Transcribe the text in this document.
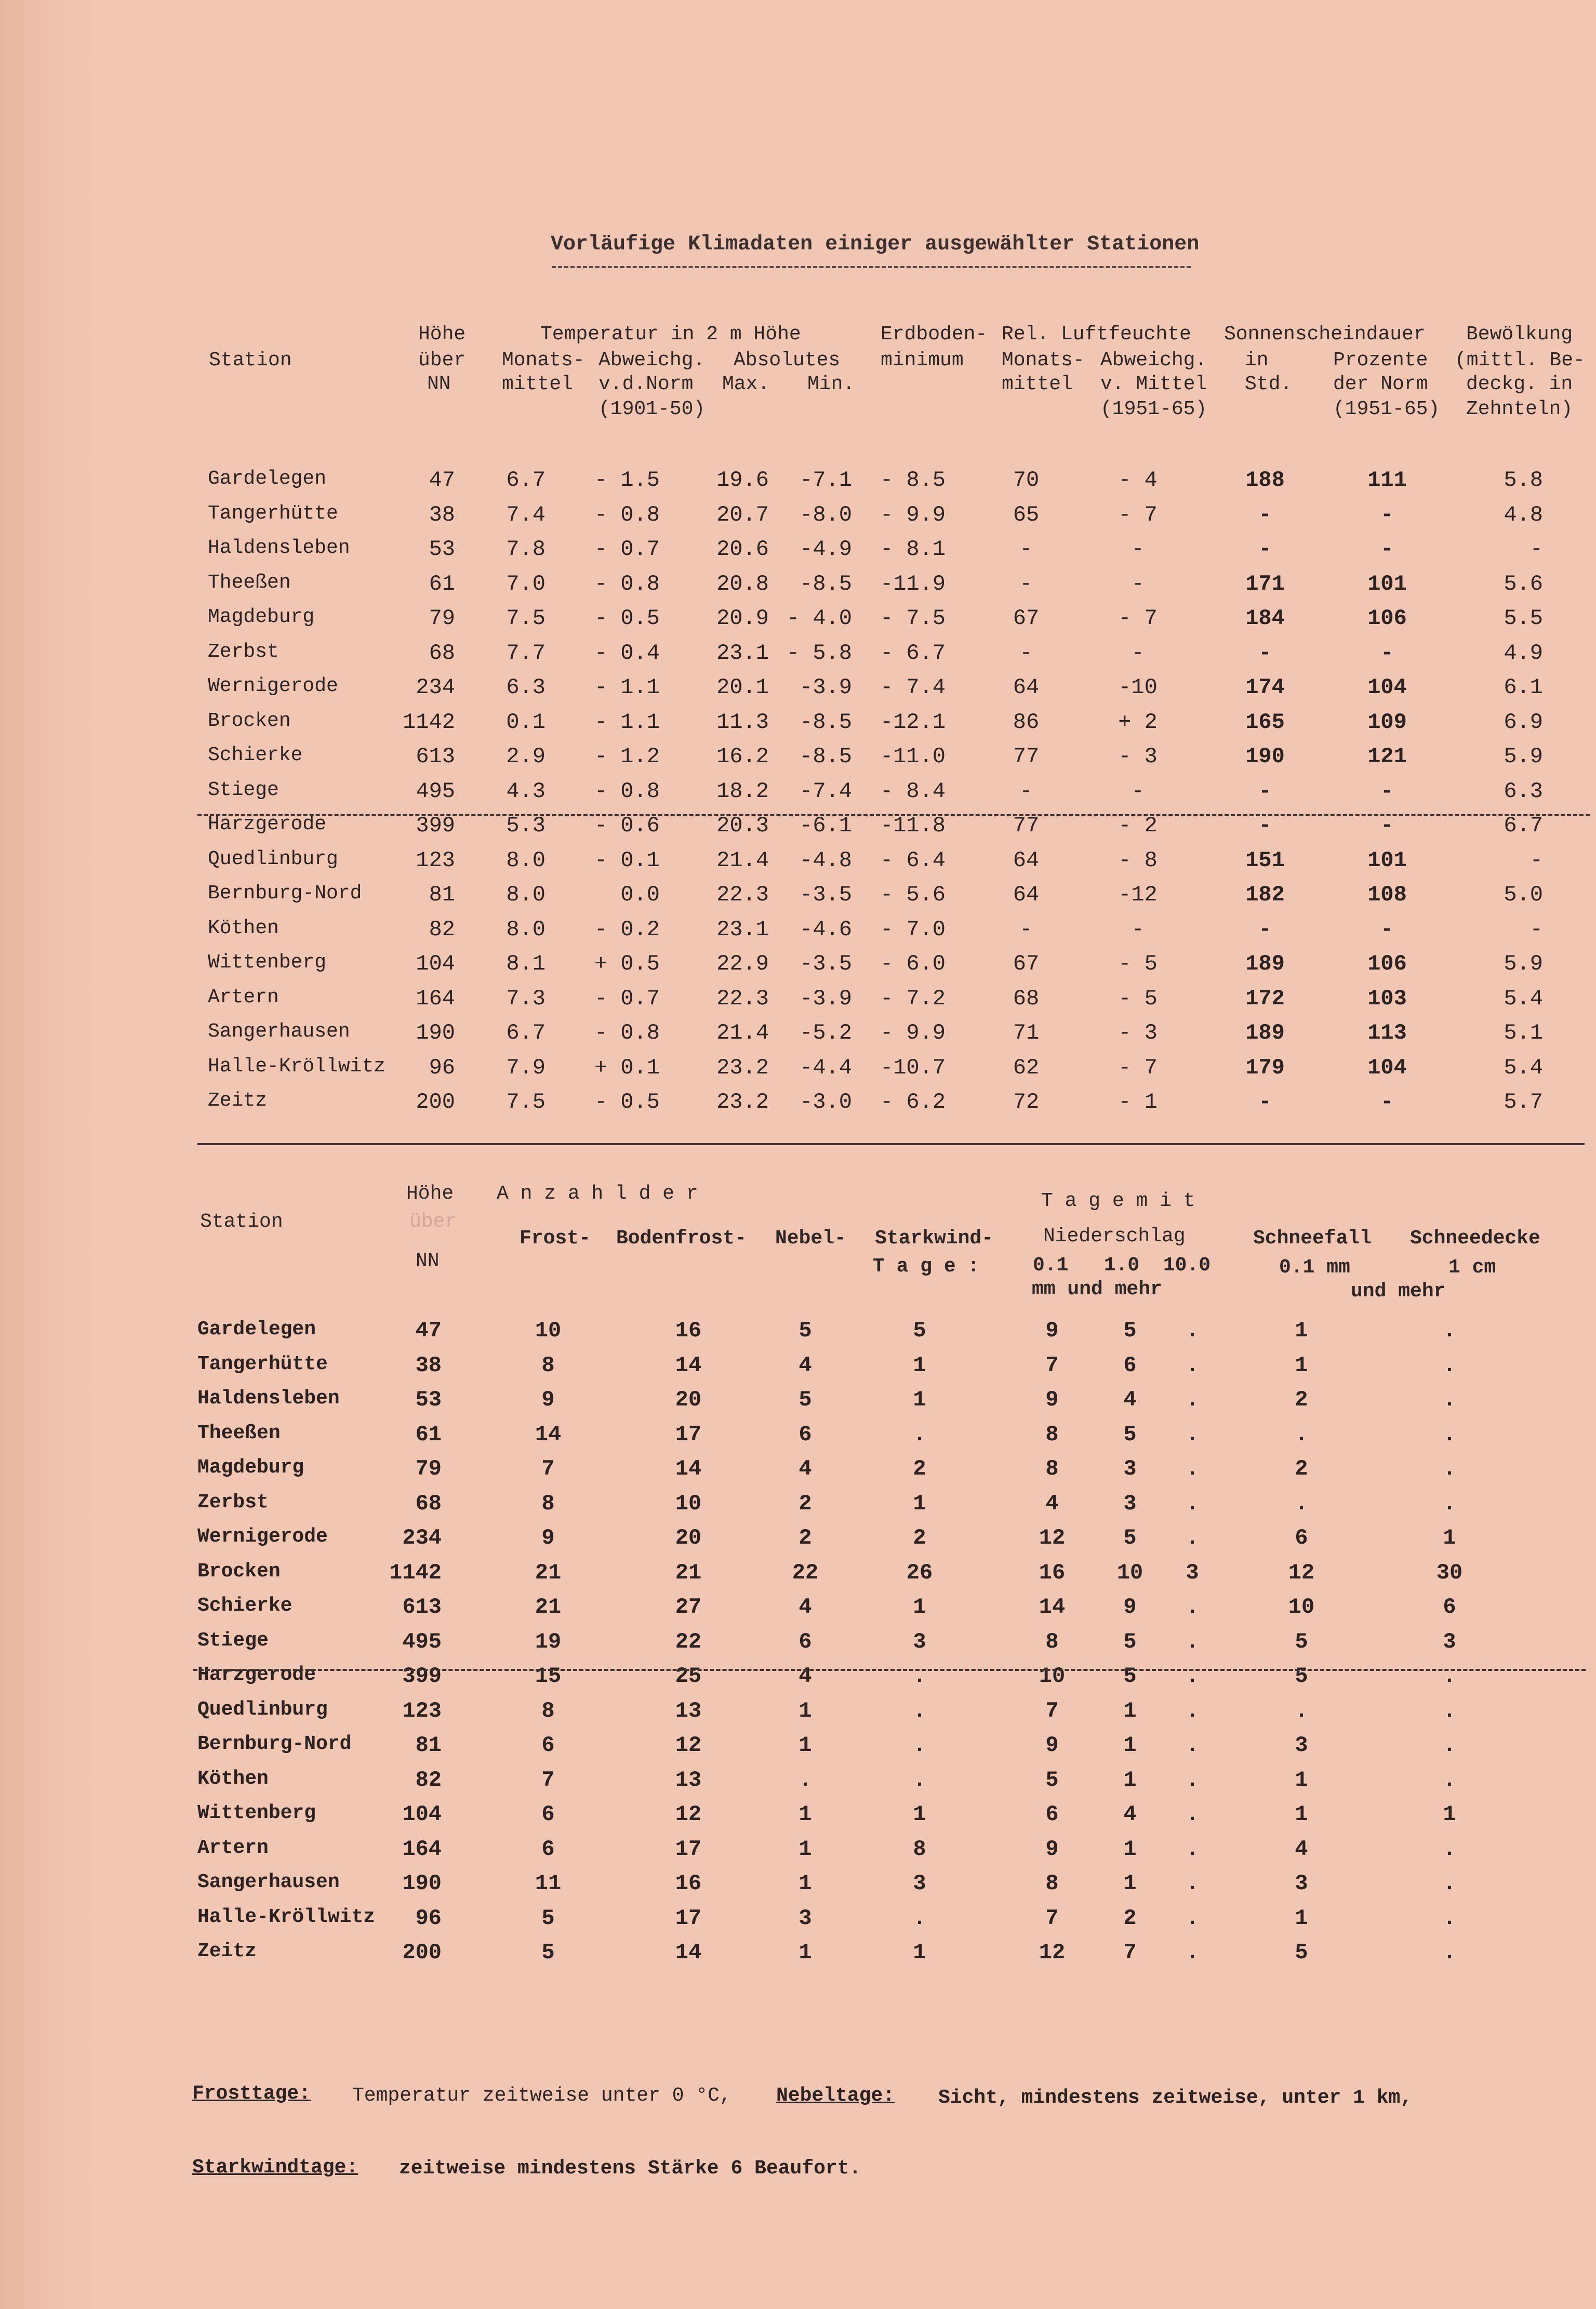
Vorläufige Klimadaten einiger ausgewählter Stationen
Station
Höhe
über
NN
Temperatur in 2 m Höhe
Monats-
mittel
Abweichg.
v.d.Norm
(1901-50)
Absolutes
Max. Min.
Erdboden-
minimum
Rel. Luftfeuchte
Monats-
mittel
Abweichg.
v. Mittel
(1951-65)
Sonnenscheindauer
in
Std.
Prozente
der Norm
(1951-65)
Bewölkung
(mittl. Be-
deckg. in
Zehnteln)
Gardelegen	47	6.7	- 1.5	19.6	-7.1	- 8.5	70	- 4	188	111	5.8
Tangerhütte	38	7.4	- 0.8	20.7	-8.0	- 9.9	65	- 7	-	-	4.8
Haldensleben	53	7.8	- 0.7	20.6	-4.9	- 8.1	-	-	-	-	-
Theeßen	61	7.0	- 0.8	20.8	-8.5	-11.9	-	-	171	101	5.6
Magdeburg	79	7.5	- 0.5	20.9 - 4.0	- 7.5	67	- 7	184	106	5.5
Zerbst	68	7.7	- 0.4	23.1 - 5.8	- 6.7	-	-	-	-	4.9
Wernigerode	234	6.3	- 1.1	20.1	-3.9	- 7.4	64	-10	174	104	6.1
Brocken	1142	0.1	- 1.1	11.3	-8.5	-12.1	86	+ 2	165	109	6.9
Schierke	613	2.9	- 1.2	16.2	-8.5	-11.0	77	- 3	190	121	5.9
Stiege	495	4.3	- 0.8	18.2	-7.4	- 8.4	-	-	-	-	6.3
Harzgerode	399	5.3	- 0.6	20.3	-6.1	-11.8	77	- 2	-	-	6.7
Quedlinburg	123	8.0	- 0.1	21.4	-4.8	- 6.4	64	- 8	151	101	-
Bernburg-Nord	81	8.0	0.0	22.3	-3.5	- 5.6	64	-12	182	108	5.0
Köthen	82	8.0	- 0.2	23.1	-4.6	- 7.0	-	-	-	-	-
Wittenberg	104	8.1	+ 0.5	22.9	-3.5	- 6.0	67	- 5	189	106	5.9
Artern	164	7.3	- 0.7	22.3	-3.9	- 7.2	68	- 5	172	103	5.4
Sangerhausen	190	6.7	- 0.8	21.4	-5.2	- 9.9	71	- 3	189	113	5.1
Halle-Kröllwitz	96	7.9	+ 0.1	23.2	-4.4	-10.7	62	- 7	179	104	5.4
Zeitz	200	7.5	- 0.5	23.2	-3.0	- 6.2	72	- 1	-	-	5.7
Station
Höhe
über
NN
A n z a h l d e r	T a g e m i t
Frost- Bodenfrost- Nebel- Starkwind-
T a g e :
Niederschlag
0.1   1.0  10.0
mm und mehr
Schneefall
0.1 mm
Schneedecke
1 cm
und mehr
Gardelegen	47	10	16	5	5	9	5	.	1	.
Tangerhütte	38	8	14	4	1	7	6	.	1	.
Haldensleben	53	9	20	5	1	9	4	.	2	.
Theeßen	61	14	17	6	.	8	5	.	.	.
Magdeburg	79	7	14	4	2	8	3	.	2	.
Zerbst	68	8	10	2	1	4	3	.	.	.
Wernigerode	234	9	20	2	2	12	5	.	6	1
Brocken	1142	21	21	22	26	16	10	3	12	30
Schierke	613	21	27	4	1	14	9	.	10	6
Stiege	495	19	22	6	3	8	5	.	5	3
Harzgerode	399	15	25	4	.	10	5	.	5	.
Quedlinburg	123	8	13	1	.	7	1	.	.	.
Bernburg-Nord	81	6	12	1	.	9	1	.	3	.
Köthen	82	7	13	.	.	5	1	.	1	.
Wittenberg	104	6	12	1	1	6	4	.	1	1
Artern	164	6	17	1	8	9	1	.	4	.
Sangerhausen	190	11	16	1	3	8	1	.	3	.
Halle-Kröllwitz	96	5	17	3	.	7	2	.	1	.
Zeitz	200	5	14	1	1	12	7	.	5	.
Frosttage: Temperatur zeitweise unter 0 °C, Nebeltage: Sicht, mindestens zeitweise, unter 1 km,
Starkwindtage: zeitweise mindestens Stärke 6 Beaufort.
